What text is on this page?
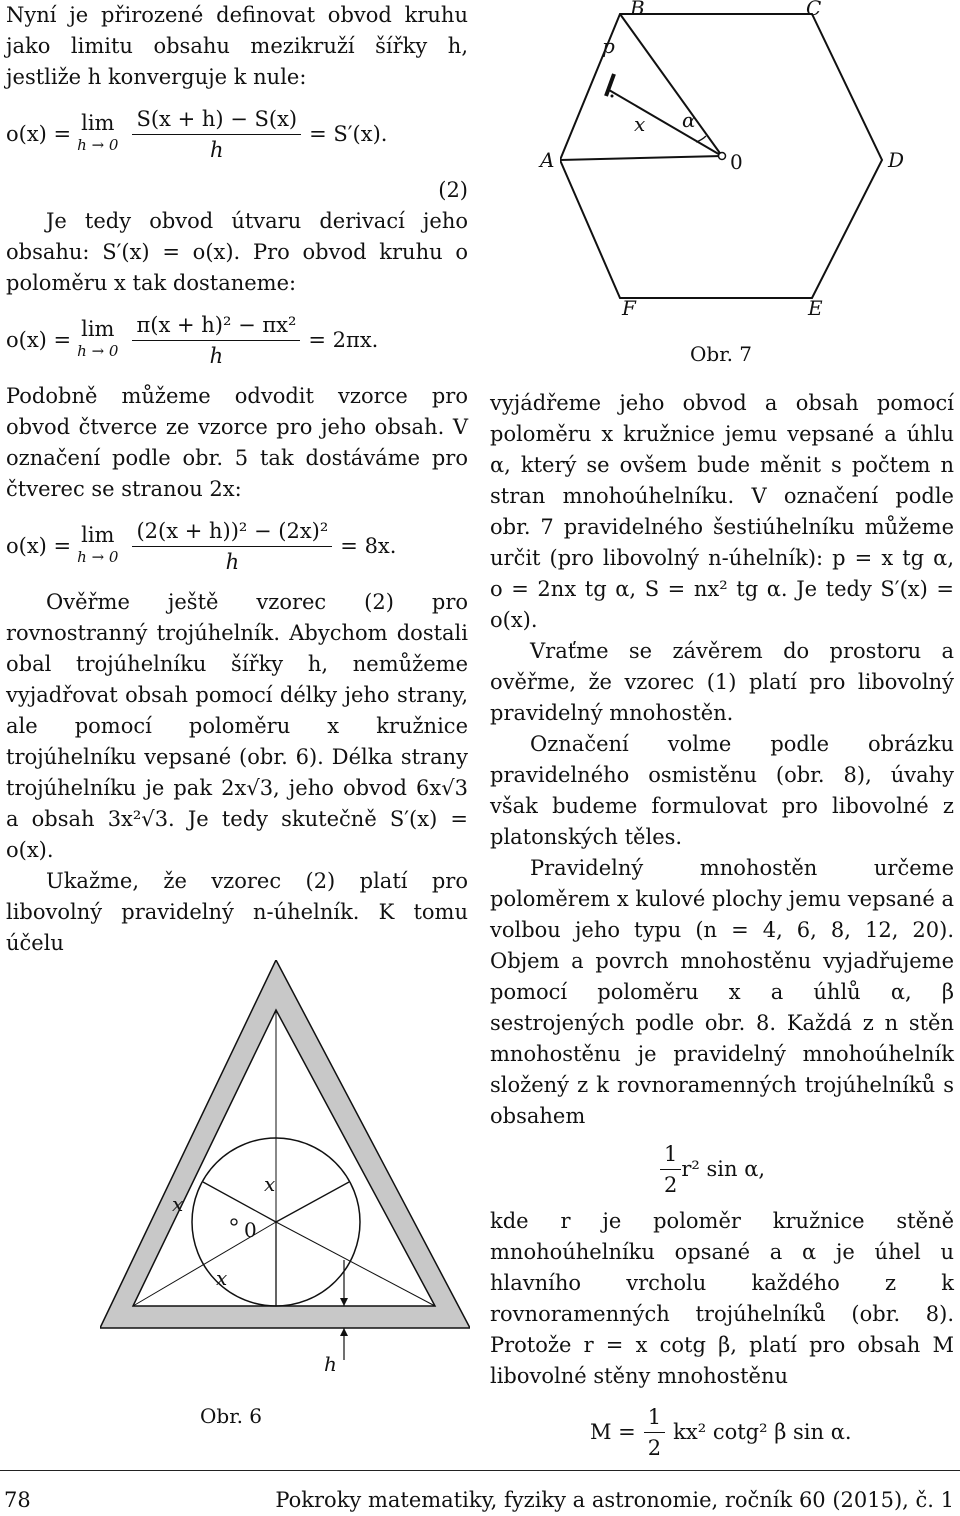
Nyní je přirozené definovat obvod kruhu jako limitu obsahu mezikruží šířky h, jestliže h konverguje k nule:

o(x) = lim
$h \to 0 \frac{S(x + h) - S(x)}{h} = S'(x)$.
(2)

Je tedy obvod útvaru derivací jeho obsahu: S′(x) = o(x). Pro obvod kruhu o poloměru x tak dostaneme:

o(x) = lim
$h \to 0 \frac{\text{π(x + h)² − πx²}}{h} = 2\pi x$.

Podobně můžeme odvodit vzorce pro obvod čtverce ze vzorce pro jeho obsah. V označení podle obr. 5 tak dostáváme pro čtverec se stranou 2x:

o(x) = lim
$h \to 0 \frac{\text{(2(x + h))² − (2x)²}}{h} = 8x$.

Ověřme ještě vzorec (2) pro rovnostranný trojúhelník. Abychom dostali obal trojúhelníku šířky h, nemůžeme vyjadřovat obsah pomocí délky jeho strany, ale pomocí poloměru x kružnice trojúhelníku vepsané (obr. 6). Délka strany trojúhelníku je pak 2x√3, jeho obvod 6x√3 a obsah 3x²√3. Je tedy skutečně S′(x) = o(x).

Ukažme, že vzorec (2) platí pro libovolný pravidelný n-úhelník. K tomu účelu

x
x
x
0
h
Obr. 6
B	C
p
x α
0
A	D
F	E
Obr. 7

vyjádřeme jeho obvod a obsah pomocí poloměru x kružnice jemu vepsané a úhlu α, který se ovšem bude měnit s počtem n stran mnohoúhelníku. V označení podle obr. 7 pravidelného šestiúhelníku můžeme určit (pro libovolný n-úhelník): p = x tg α, o = 2nx tg α, S = nx² tg α. Je tedy S′(x) = o(x).

Vraťme se závěrem do prostoru a ověřme, že vzorec (1) platí pro libovolný pravidelný mnohostěn.

Označení volme podle obrázku pravidelného osmistěnu (obr. 8), úvahy však budeme formulovat pro libovolné z platonských těles.

Pravidelný mnohostěn určeme poloměrem x kulové plochy jemu vepsané a volbou jeho typu (n = 4, 6, 8, 12, 20). Objem a povrch mnohostěnu vyjadřujeme pomocí poloměru x a úhlů α, β sestrojených podle obr. 8. Každá z n stěn mnohostěnu je pravidelný mnohoúhelník složený z k rovnoramenných trojúhelníků s obsahem

$\frac{1}{2} r^2$ sin α,

kde r je poloměr kružnice stěně mnohoúhelníku opsané a α je úhel u hlavního vrcholu každého z k rovnoramenných trojúhelníků (obr. 8). Protože r = x cotg β, platí pro obsah M libovolné stěny mnohostěnu

$M = \frac{1}{2} kx^2$ cotg² β sin α.
78	Pokroky matematiky, fyziky a astronomie, ročník 60 (2015), č. 1
